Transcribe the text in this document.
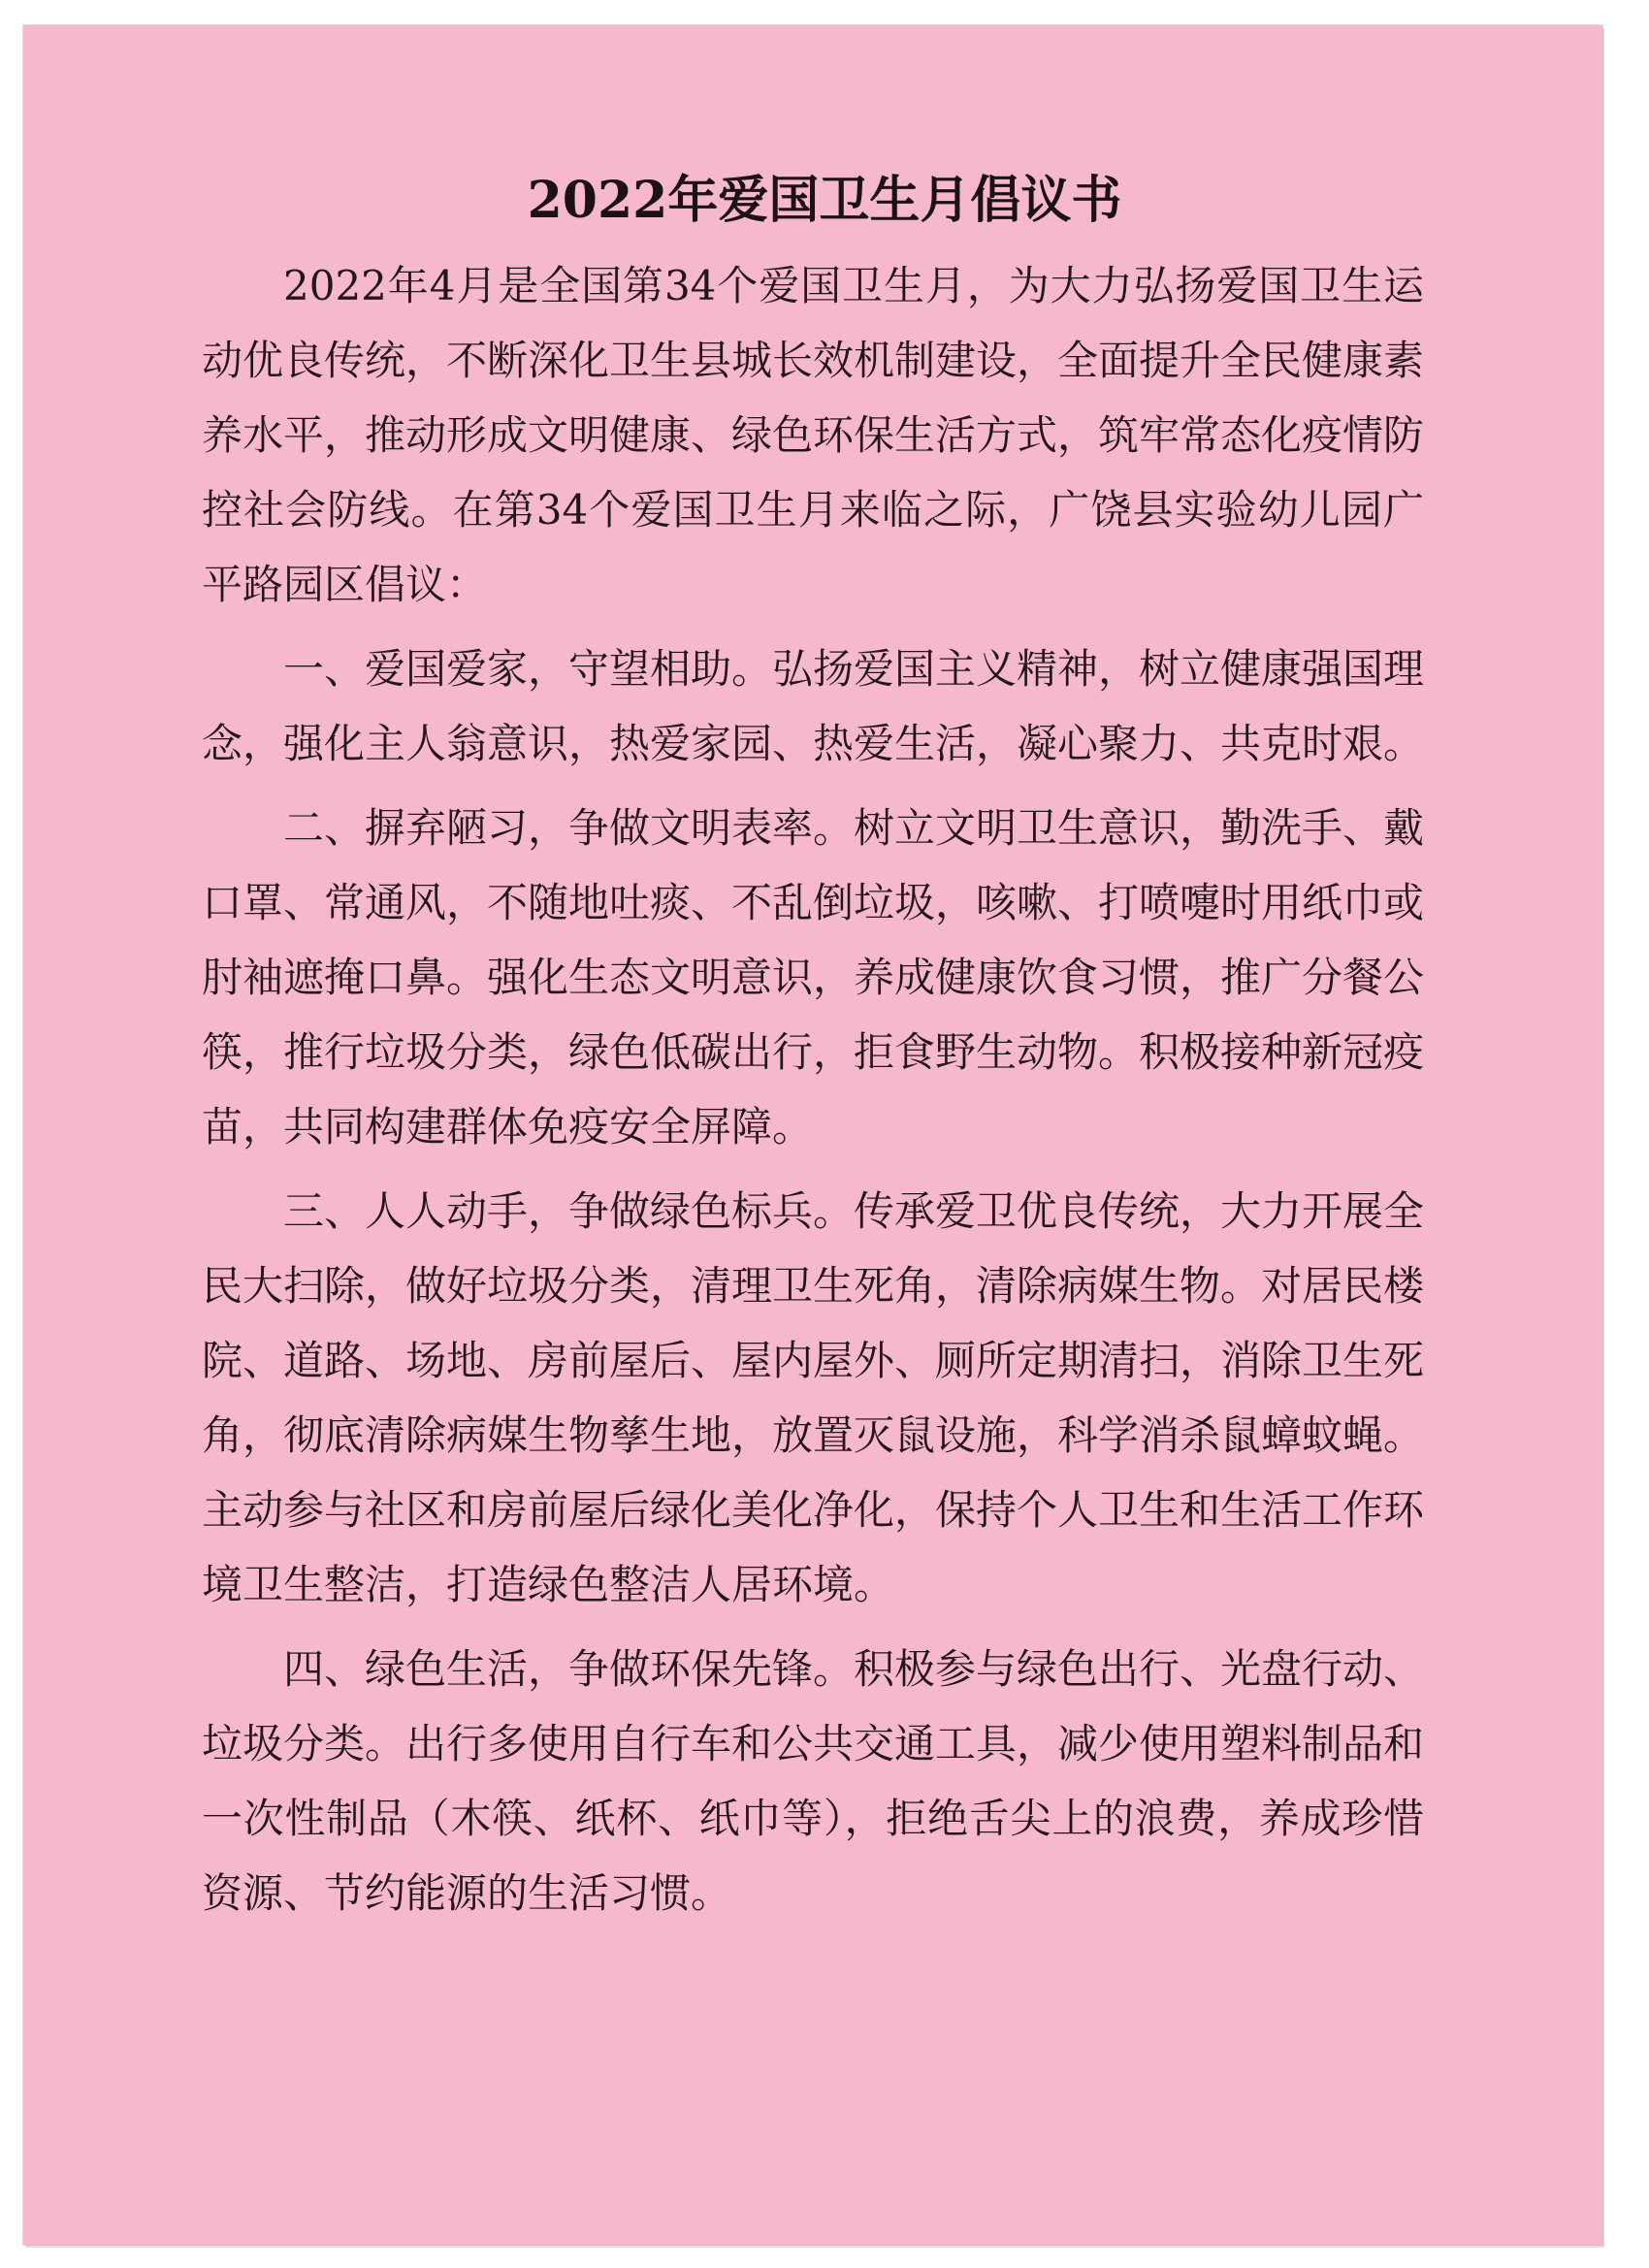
2022年爱国卫生月倡议书

2022年4月是全国第34个爱国卫生月，为大力弘扬爱国卫生运动优良传统，不断深化卫生县城长效机制建设，全面提升全民健康素养水平，推动形成文明健康、绿色环保生活方式，筑牢常态化疫情防控社会防线。在第34个爱国卫生月来临之际，广饶县实验幼儿园广平路园区倡议：

一、爱国爱家，守望相助。弘扬爱国主义精神，树立健康强国理念，强化主人翁意识，热爱家园、热爱生活，凝心聚力、共克时艰。

二、摒弃陋习，争做文明表率。树立文明卫生意识，勤洗手、戴口罩、常通风，不随地吐痰、不乱倒垃圾，咳嗽、打喷嚏时用纸巾或肘袖遮掩口鼻。强化生态文明意识，养成健康饮食习惯，推广分餐公筷，推行垃圾分类，绿色低碳出行，拒食野生动物。积极接种新冠疫苗，共同构建群体免疫安全屏障。

三、人人动手，争做绿色标兵。传承爱卫优良传统，大力开展全民大扫除，做好垃圾分类，清理卫生死角，清除病媒生物。对居民楼院、道路、场地、房前屋后、屋内屋外、厕所定期清扫，消除卫生死角，彻底清除病媒生物孳生地，放置灭鼠设施，科学消杀鼠蟑蚊蝇。主动参与社区和房前屋后绿化美化净化，保持个人卫生和生活工作环境卫生整洁，打造绿色整洁人居环境。

四、绿色生活，争做环保先锋。积极参与绿色出行、光盘行动、垃圾分类。出行多使用自行车和公共交通工具，减少使用塑料制品和一次性制品（木筷、纸杯、纸巾等），拒绝舌尖上的浪费，养成珍惜资源、节约能源的生活习惯。
